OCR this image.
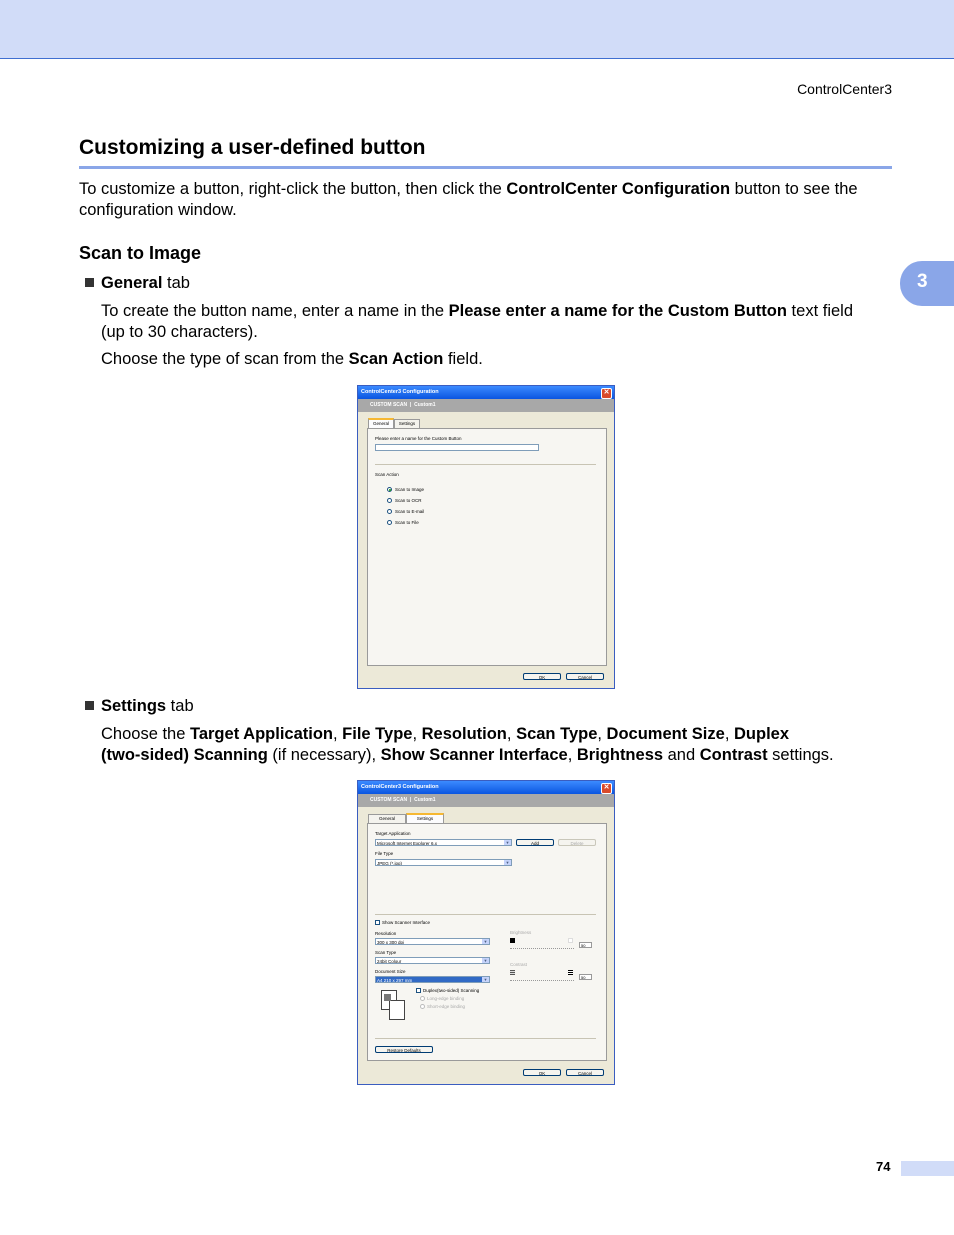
ControlCenter3
3
Customizing a user-defined button
To customize a button, right-click the button, then click the ControlCenter Configuration button to see the
configuration window.
Scan to Image
General tab
To create the button name, enter a name in the Please enter a name for the Custom Button text field
(up to 30 characters).
Choose the type of scan from the Scan Action field.
ControlCenter3 Configuration	✕
CUSTOM SCAN  |  Custom1
General	Settings
Please enter a name for the Custom Button
Scan Action
Scan to Image
Scan to OCR
Scan to E-mail
Scan to File
OK	Cancel
Settings tab
Choose the Target Application, File Type, Resolution, Scan Type, Document Size, Duplex
(two-sided) Scanning (if necessary), Show Scanner Interface, Brightness and Contrast settings.
ControlCenter3 Configuration	✕
CUSTOM SCAN  |  Custom1
General	Settings
Target Application
Microsoft Internet Explorer 6.x	▼	Add	Delete
File Type
JPEG (*.jpg)	▼
Show Scanner Interface
Resolution
300 x 300 dpi	▼
Scan Type
24bit Colour	▼
Document Size
A4 210 x 297 mm	▼
Brightness
50
Contrast
50
Duplex(two-sided) Scanning
Long-edge binding
Short-edge binding
Restore Defaults
OK	Cancel
74
